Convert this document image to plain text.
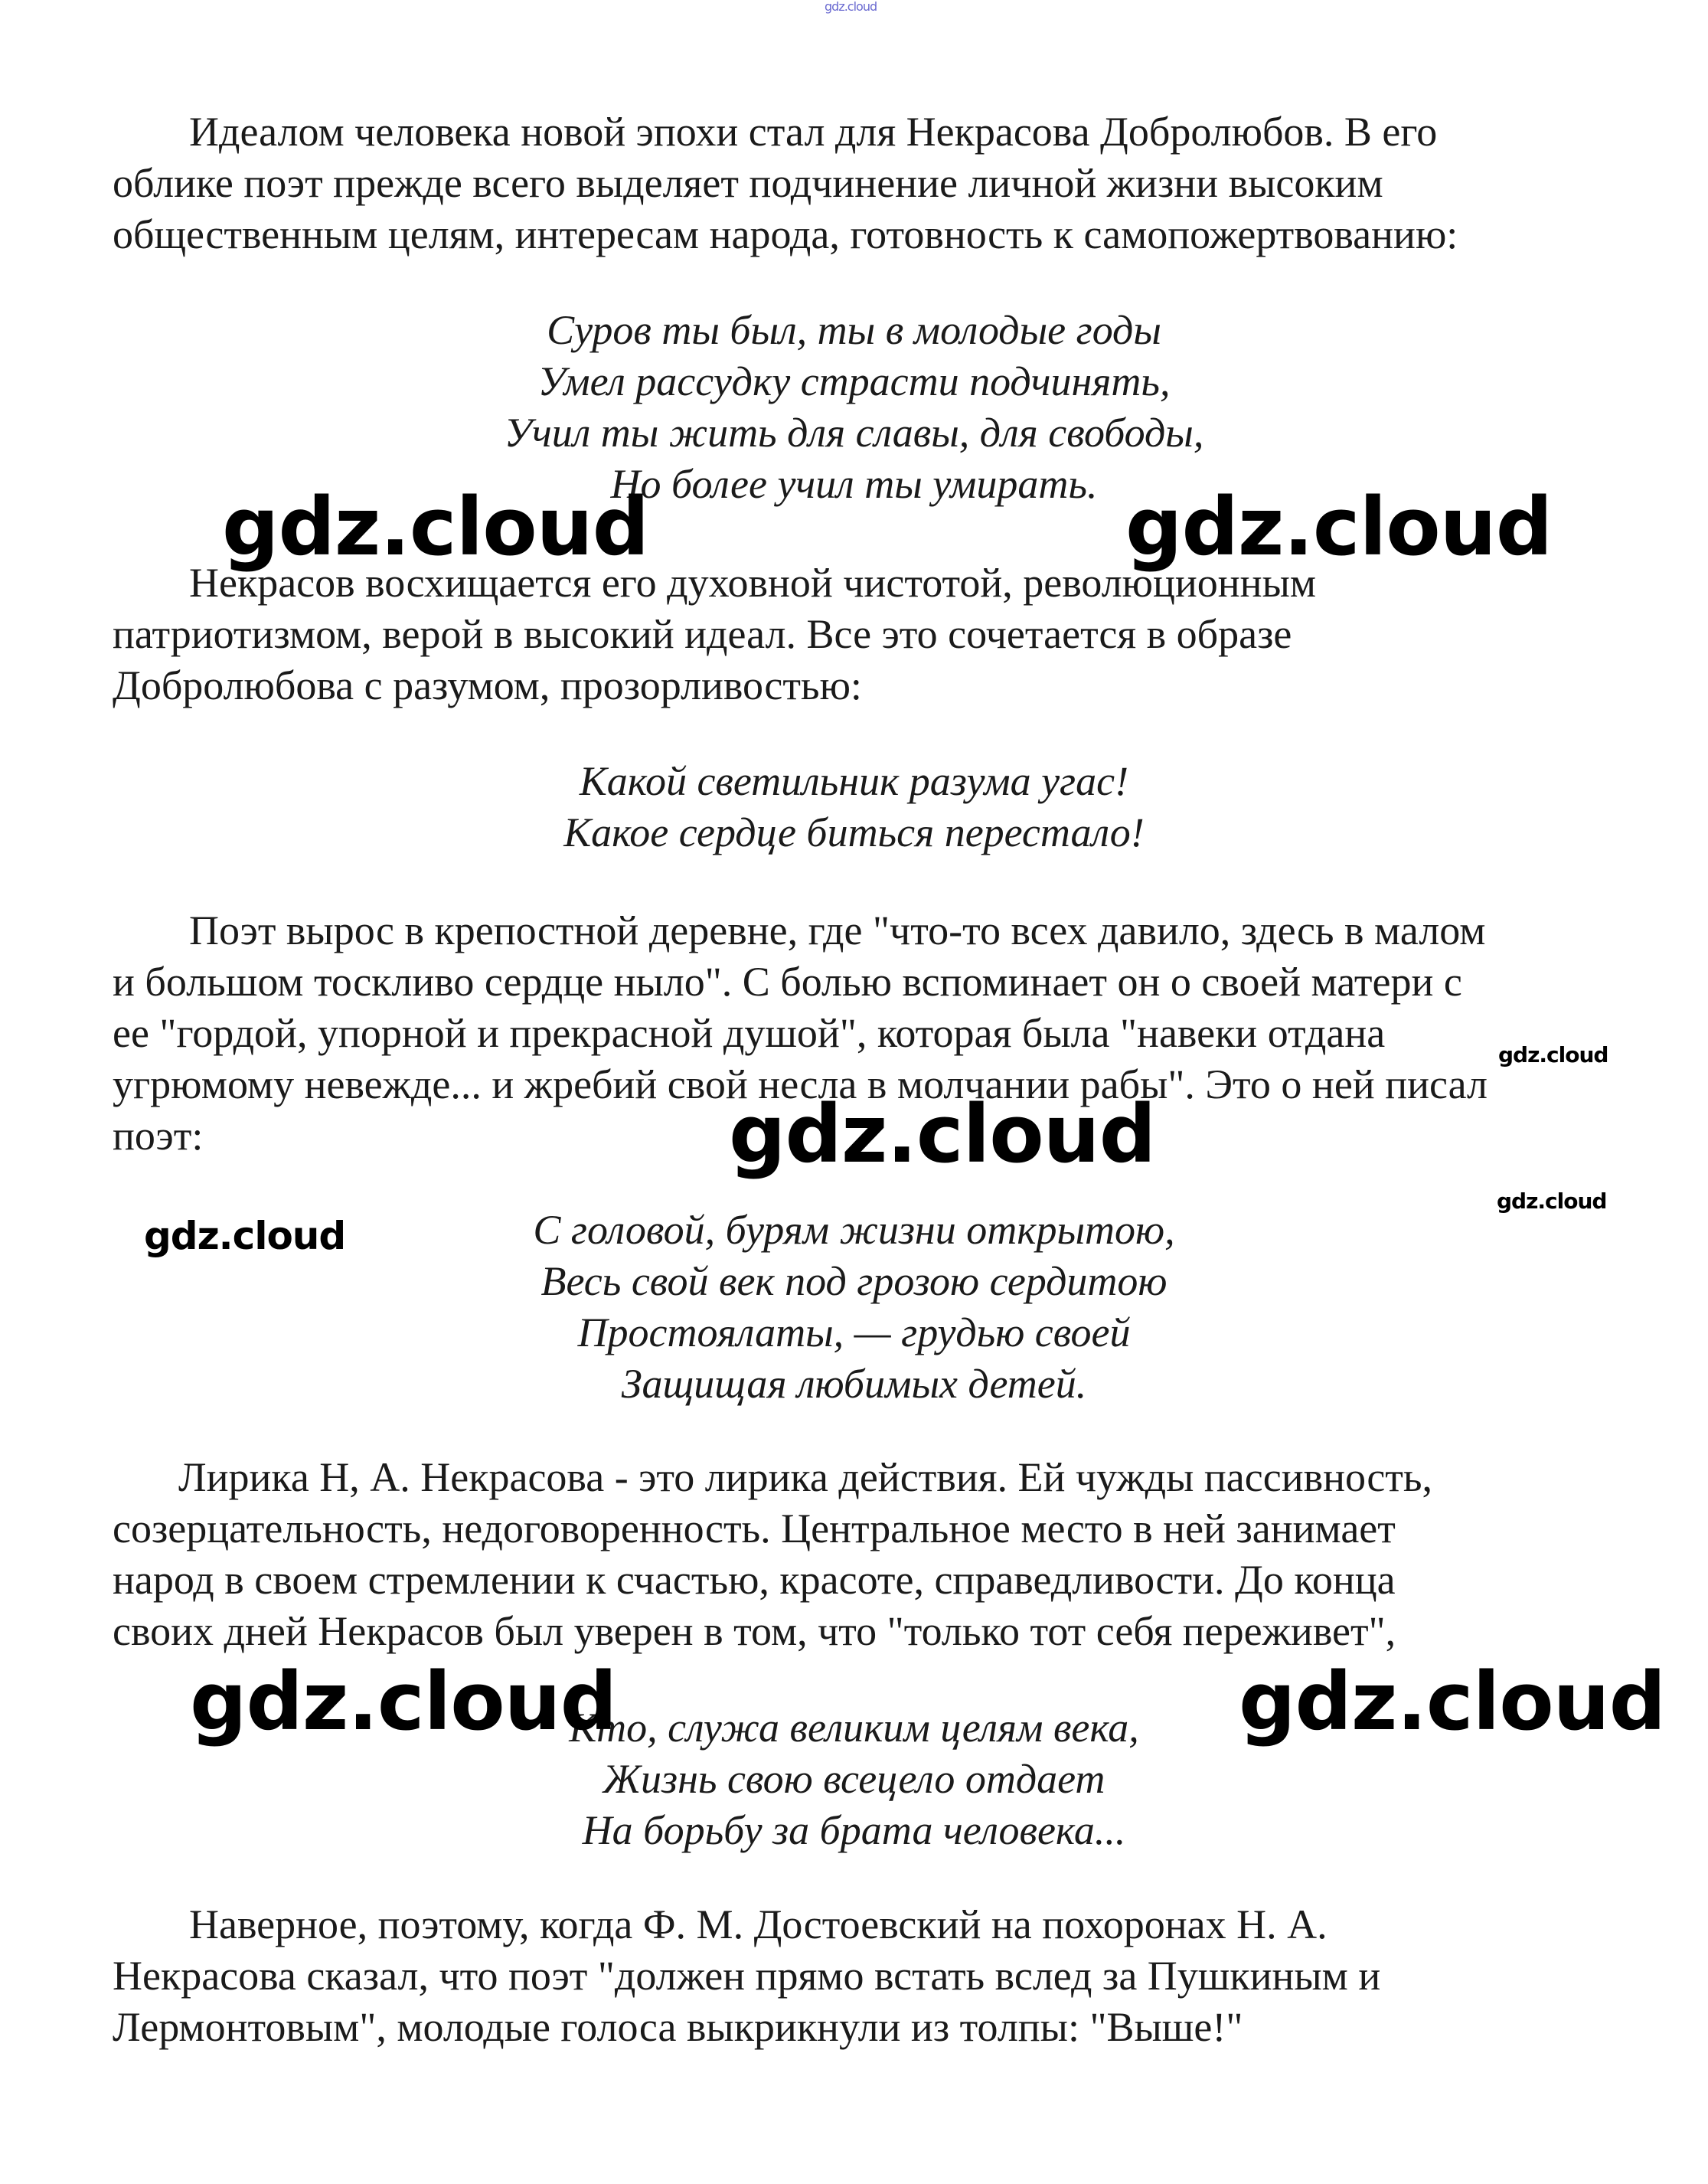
gdz.cloud

Идеалом человека новой эпохи стал для Некрасова Добролюбов. В его
облике поэт прежде всего выделяет подчинение личной жизни высоким
общественным целям, интересам народа, готовность к самопожертвованию:

Суров ты был, ты в молодые годы
Умел рассудку страсти подчинять,
Учил ты жить для славы, для свободы,
Но более учил ты умирать.

Некрасов восхищается его духовной чистотой, революционным
патриотизмом, верой в высокий идеал. Все это сочетается в образе
Добролюбова с разумом, прозорливостью:

Какой светильник разума угас!
Какое сердце биться перестало!

Поэт вырос в крепостной деревне, где "что-то всех давило, здесь в малом
и большом тоскливо сердце ныло". С болью вспоминает он о своей матери с
ее "гордой, упорной и прекрасной душой", которая была "навеки отдана
угрюмому невежде... и жребий свой несла в молчании рабы". Это о ней писал
поэт:

С головой, бурям жизни открытою,
Весь свой век под грозою сердитою
Простоялаты, — грудью своей
Защищая любимых детей.

Лирика Н, А. Некрасова - это лирика действия. Ей чужды пассивность,
созерцательность, недоговоренность. Центральное место в ней занимает
народ в своем стремлении к счастью, красоте, справедливости. До конца
своих дней Некрасов был уверен в том, что "только тот себя переживет",

Кто, служа великим целям века,
Жизнь свою всецело отдает
На борьбу за брата человека...

Наверное, поэтому, когда Ф. М. Достоевский на похоронах Н. А.
Некрасова сказал, что поэт "должен прямо встать вслед за Пушкиным и
Лермонтовым", молодые голоса выкрикнули из толпы: "Выше!"

gdz.cloud	gdz.cloud
gdz.cloud
gdz.cloud
gdz.cloud
gdz.cloud
gdz.cloud	gdz.cloud
